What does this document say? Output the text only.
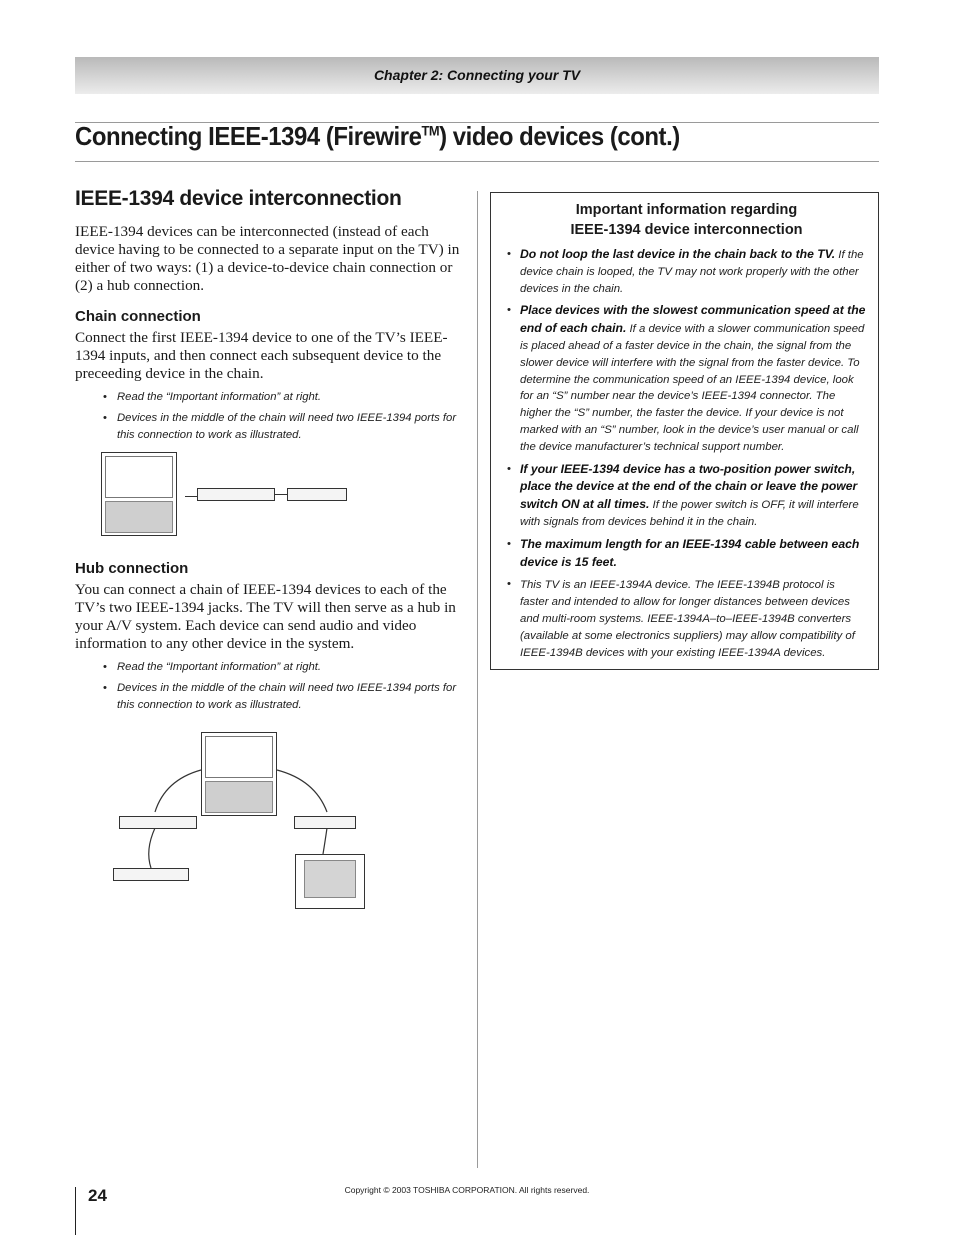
Chapter 2: Connecting your TV
Connecting IEEE-1394 (Firewire™) video devices (cont.)
IEEE-1394 device interconnection

IEEE-1394 devices can be interconnected (instead of each device having to be connected to a separate input on the TV) in either of two ways: (1) a device-to-device chain connection or (2) a hub connection.

Chain connection

Connect the first IEEE-1394 device to one of the TV’s IEEE-1394 inputs, and then connect each subsequent device to the preceeding device in the chain.

• Read the “Important information” at right.
• Devices in the middle of the chain will need two IEEE-1394 ports for this connection to work as illustrated.
Hub connection

You can connect a chain of IEEE-1394 devices to each of the TV’s two IEEE-1394 jacks. The TV will then serve as a hub in your A/V system. Each device can send audio and video information to any other device in the system.

• Read the “Important information” at right.
• Devices in the middle of the chain will need two IEEE-1394 ports for this connection to work as illustrated.
Important information regarding
IEEE-1394 device interconnection
• Do not loop the last device in the chain back to the TV. If the device chain is looped, the TV may not work properly with the other devices in the chain.
• Place devices with the slowest communication speed at the end of each chain. If a device with a slower communication speed is placed ahead of a faster device in the chain, the signal from the slower device will interfere with the signal from the faster device. To determine the communication speed of an IEEE-1394 device, look for an “S” number near the device’s IEEE-1394 connector. The higher the “S” number, the faster the device. If your device is not marked with an “S” number, look in the device’s user manual or call the device manufacturer’s technical support number.
• If your IEEE-1394 device has a two-position power switch, place the device at the end of the chain or leave the power switch ON at all times. If the power switch is OFF, it will interfere with signals from devices behind it in the chain.
• The maximum length for an IEEE-1394 cable between each device is 15 feet.
• This TV is an IEEE-1394A device. The IEEE-1394B protocol is faster and intended to allow for longer distances between devices and multi-room systems. IEEE-1394A–to–IEEE-1394B converters (available at some electronics suppliers) may allow compatibility of IEEE-1394B devices with your existing IEEE-1394A devices.
24	Copyright © 2003 TOSHIBA CORPORATION. All rights reserved.
